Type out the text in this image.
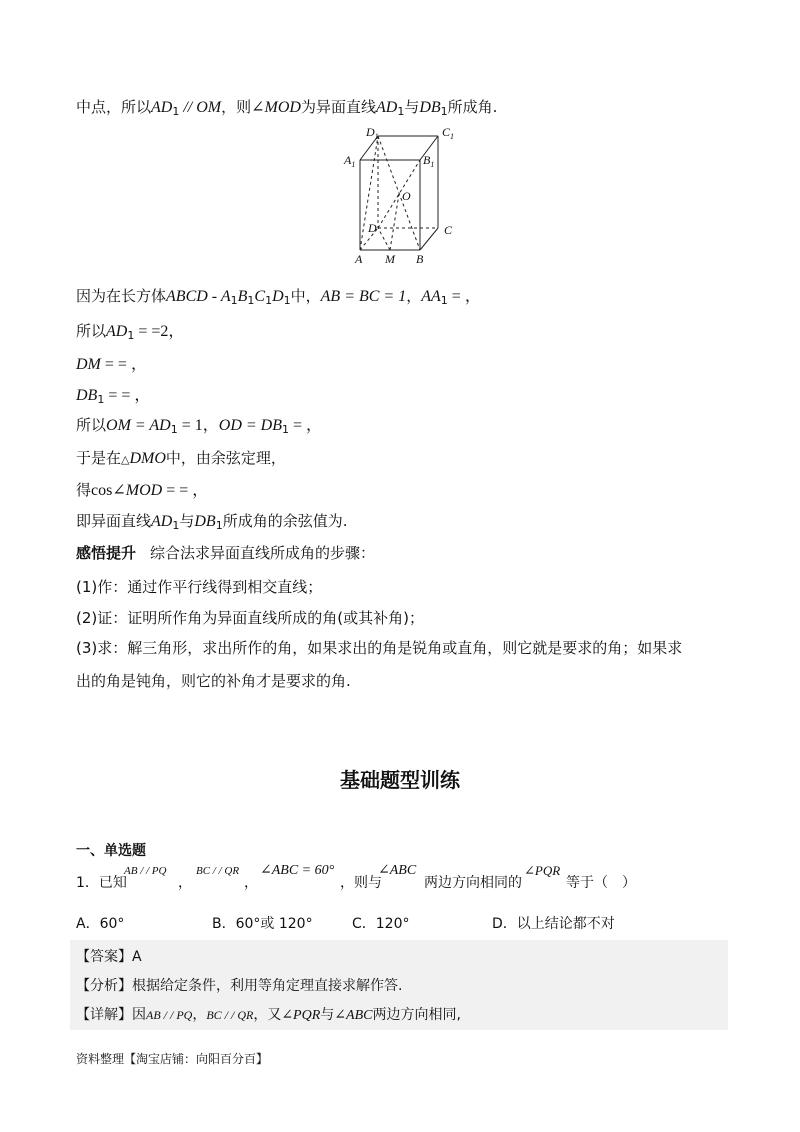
中点，所以$AD_1$ // OM，则∠MOD为异面直线$AD_1$与$DB_1$所成角.
$D_1$	$C_1$
$A_1$	$B_1$
O
D	C
A M B
因为在长方体ABCD - $A_1B_1C_1D_1$中，AB = BC = 1，$AA_1$ = ，
所以$AD_1 = =2$，
DM = = ，
$DB_1$ = = ，
所以OM = $AD_1 = 1$，OD = $DB_1$ = ，
于是在△DMO中，由余弦定理，
得cos∠MOD = = ，
即异面直线$AD_1$与$DB_1$所成角的余弦值为.
感悟提升 综合法求异面直线所成角的步骤：
(1)作：通过作平行线得到相交直线；
(2)证：证明所作角为异面直线所成的角(或其补角)；
(3)求：解三角形，求出所作的角，如果求出的角是锐角或直角，则它就是要求的角；如果求
出的角是钝角，则它的补角才是要求的角.
基础题型训练
一、单选题
1．已知
AB / / PQ
，
BC / / QR
，
∠ABC = 60°
，则与
∠ABC
两边方向相同的
∠PQR
等于（　）
A．60°	B．60°或 120°	C．120°	D．以上结论都不对
【答案】A
【分析】根据给定条件，利用等角定理直接求解作答.
【详解】因AB / / PQ，BC / / QR，又∠PQR与∠ABC两边方向相同,
资料整理【淘宝店铺：向阳百分百】
